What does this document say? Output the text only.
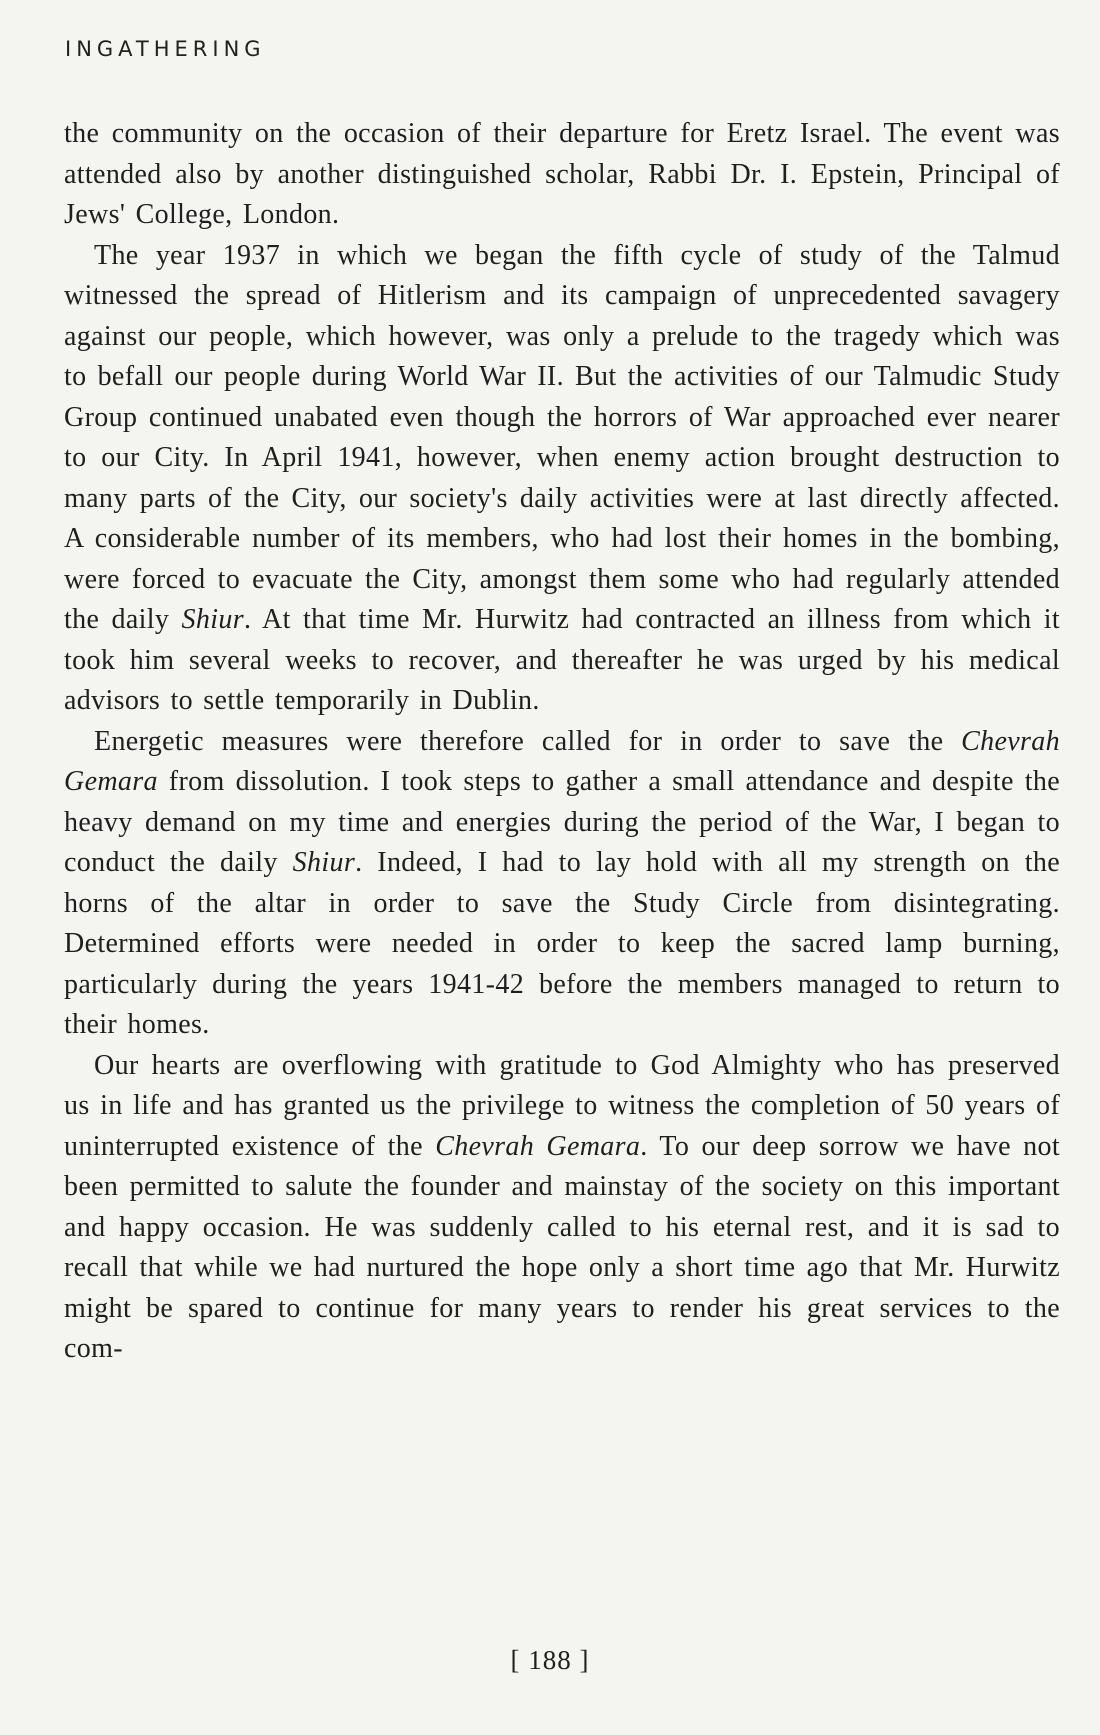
INGATHERING

the community on the occasion of their departure for Eretz Israel. The event was attended also by another distinguished scholar, Rabbi Dr. I. Epstein, Principal of Jews' College, London.

The year 1937 in which we began the fifth cycle of study of the Talmud witnessed the spread of Hitlerism and its campaign of unprecedented savagery against our people, which however, was only a prelude to the tragedy which was to befall our people during World War II. But the activities of our Talmudic Study Group continued unabated even though the horrors of War approached ever nearer to our City. In April 1941, however, when enemy action brought destruction to many parts of the City, our society's daily activities were at last directly affected. A considerable number of its members, who had lost their homes in the bombing, were forced to evacuate the City, amongst them some who had regularly attended the daily Shiur. At that time Mr. Hurwitz had contracted an illness from which it took him several weeks to recover, and thereafter he was urged by his medical advisors to settle temporarily in Dublin.

Energetic measures were therefore called for in order to save the Chevrah Gemara from dissolution. I took steps to gather a small attendance and despite the heavy demand on my time and energies during the period of the War, I began to conduct the daily Shiur. Indeed, I had to lay hold with all my strength on the horns of the altar in order to save the Study Circle from disintegrating. Determined efforts were needed in order to keep the sacred lamp burning, particularly during the years 1941-42 before the members managed to return to their homes.

Our hearts are overflowing with gratitude to God Almighty who has preserved us in life and has granted us the privilege to witness the completion of 50 years of uninterrupted existence of the Chevrah Gemara. To our deep sorrow we have not been permitted to salute the founder and mainstay of the society on this important and happy occasion. He was suddenly called to his eternal rest, and it is sad to recall that while we had nurtured the hope only a short time ago that Mr. Hurwitz might be spared to continue for many years to render his great services to the com-

[ 188 ]
